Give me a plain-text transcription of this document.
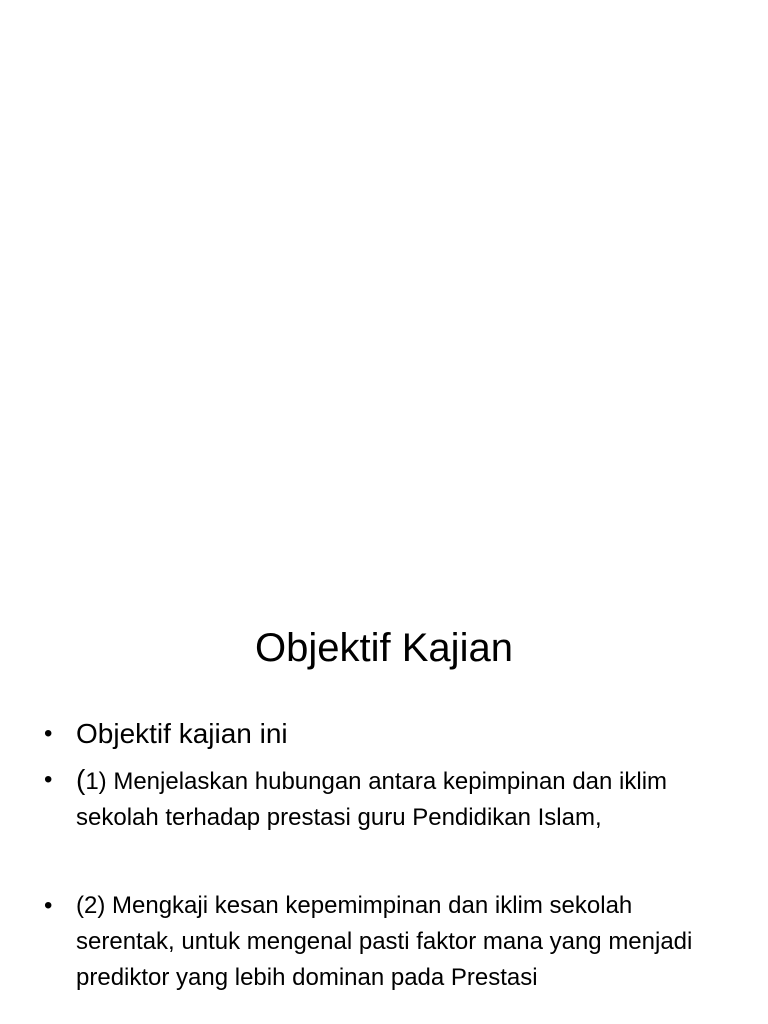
Objektif Kajian
• Objektif kajian ini
• (1) Menjelaskan hubungan antara kepimpinan dan iklim sekolah terhadap prestasi guru Pendidikan Islam,
• (2) Mengkaji kesan kepemimpinan dan iklim sekolah serentak, untuk mengenal pasti faktor mana yang menjadi prediktor yang lebih dominan pada Prestasi
